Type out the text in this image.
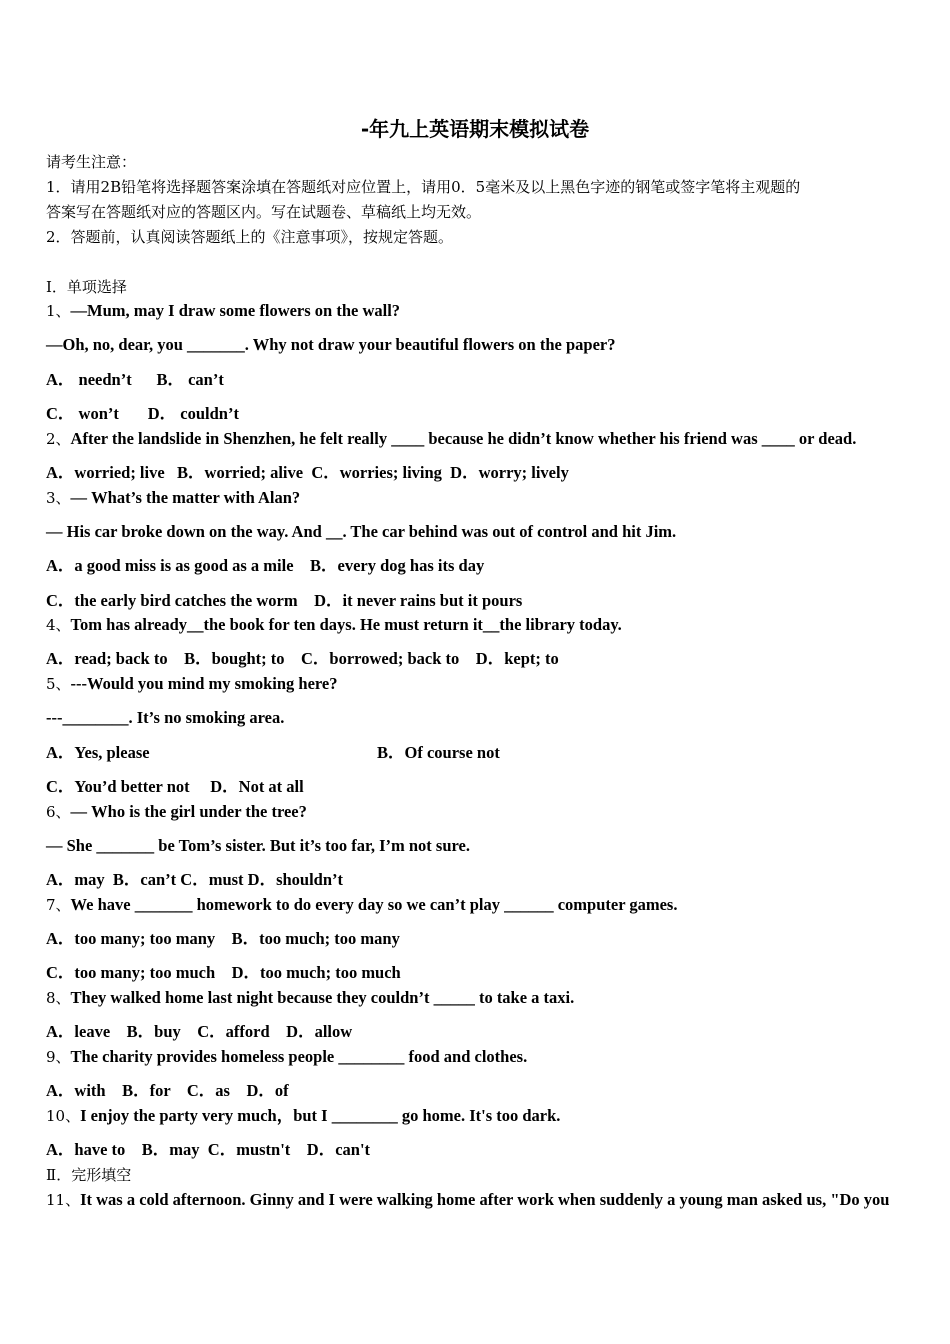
-年九上英语期末模拟试卷
请考生注意：
1．请用2B铅笔将选择题答案涂填在答题纸对应位置上，请用0．5毫米及以上黑色字迹的钢笔或签字笔将主观题的
答案写在答题纸对应的答题区内。写在试题卷、草稿纸上均无效。
2．答题前，认真阅读答题纸上的《注意事项》，按规定答题。
Ⅰ．单项选择
1、—Mum, may I draw some flowers on the wall?
—Oh, no, dear, you _______. Why not draw your beautiful flowers on the paper?
A． needn’t      B． can’t
C． won’t       D． couldn’t
2、After the landslide in Shenzhen, he felt really ____ because he didn’t know whether his friend was ____ or dead.
A．worried; live   B．worried; alive  C．worries; living  D．worry; lively
3、— What’s the matter with Alan?
— His car broke down on the way. And __. The car behind was out of control and hit Jim.
A．a good miss is as good as a mile    B．every dog has its day
C．the early bird catches the worm    D．it never rains but it pours
4、Tom has already__the book for ten days. He must return it__the library today.
A．read; back to    B．bought; to    C．borrowed; back to    D．kept; to
5、---Would you mind my smoking here?
---________. It’s no smoking area.
A．Yes, please	B．Of course not
C．You’d better not     D．Not at all
6、— Who is the girl under the tree?
— She _______ be Tom’s sister. But it’s too far, I’m not sure.
A．may  B．can’t C．must D．shouldn’t
7、We have _______ homework to do every day so we can’t play ______ computer games.
A．too many; too many    B．too much; too many
C．too many; too much    D．too much; too much
8、They walked home last night because they couldn’t _____ to take a taxi.
A．leave    B．buy    C．afford    D．allow
9、The charity provides homeless people ________ food and clothes.
A．with    B．for    C．as    D．of
10、I enjoy the party very much，but I ________ go home. It's too dark.
A．have to    B．may  C．mustn't    D．can't
Ⅱ．完形填空
11、It was a cold afternoon. Ginny and I were walking home after work when suddenly a young man asked us, "Do you
